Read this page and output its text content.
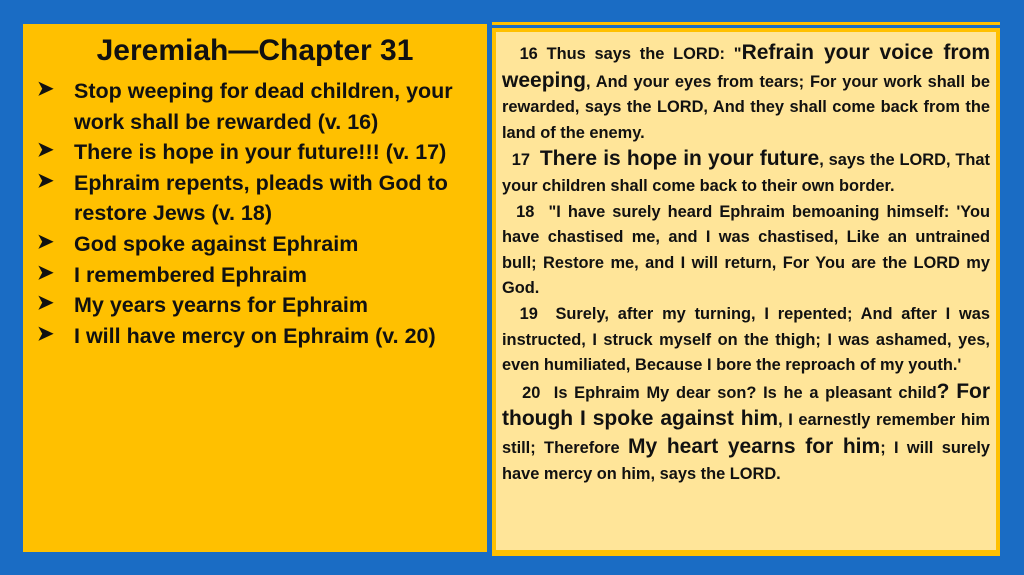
Jeremiah—Chapter 31
➤ Stop weeping for dead children, your work shall be rewarded (v. 16)
➤ There is hope in your future!!! (v. 17)
➤ Ephraim repents, pleads with God to restore Jews (v. 18)
➤ God spoke against Ephraim
➤ I remembered Ephraim
➤ My years yearns for Ephraim
➤ I will have mercy on Ephraim (v. 20)

16 Thus says the LORD: "Refrain your voice from weeping, And your eyes from tears; For your work shall be rewarded, says the LORD, And they shall come back from the land of the enemy.

17 There is hope in your future, says the LORD, That your children shall come back to their own border.

18 "I have surely heard Ephraim bemoaning himself: 'You have chastised me, and I was chastised, Like an untrained bull; Restore me, and I will return, For You are the LORD my God.

19 Surely, after my turning, I repented; And after I was instructed, I struck myself on the thigh; I was ashamed, yes, even humiliated, Because I bore the reproach of my youth.'

20 Is Ephraim My dear son? Is he a pleasant child? For though I spoke against him, I earnestly remember him still; Therefore My heart yearns for him; I will surely have mercy on him, says the LORD.
